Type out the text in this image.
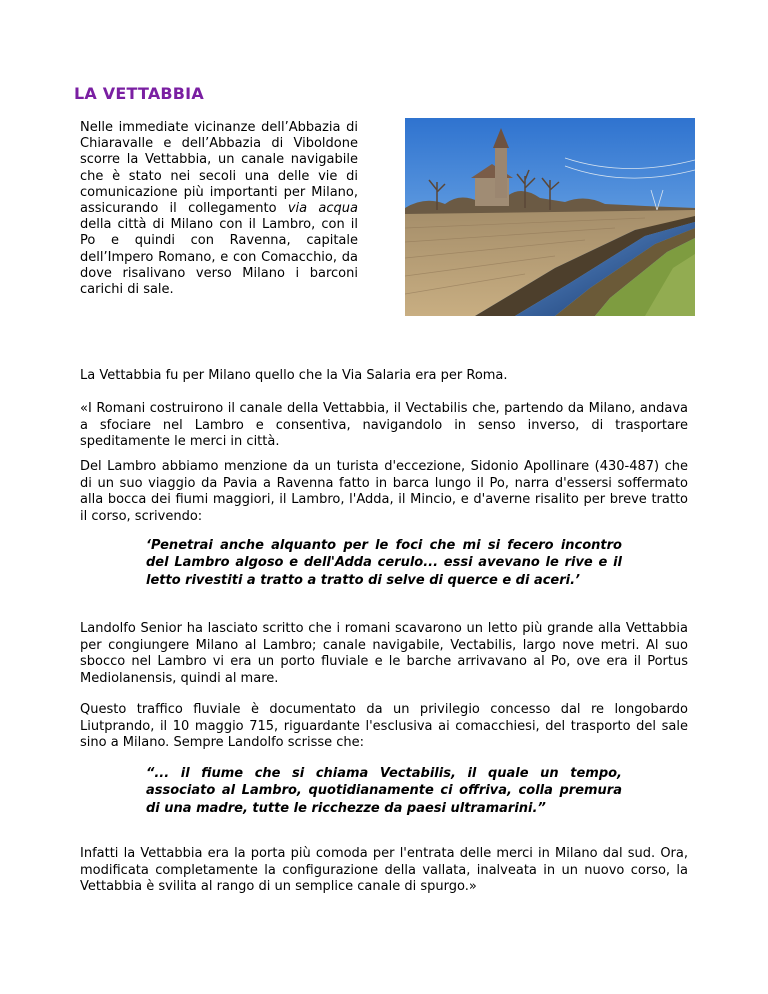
LA VETTABBIA
Nelle immediate vicinanze dell’Abbazia di Chiaravalle e dell’Abbazia di Viboldone scorre la Vettabbia, un canale navigabile che è stato nei secoli una delle vie di comunicazione più importanti per Milano, assicurando il collegamento via acqua della città di Milano con il Lambro, con il Po e quindi con Ravenna, capitale dell’Impero Romano, e con Comacchio, da dove risalivano verso Milano i barconi carichi di sale.
La Vettabbia fu per Milano quello che la Via Salaria era per Roma.
«I Romani costruirono il canale della Vettabbia, il Vectabilis che, partendo da Milano, andava a sfociare nel Lambro e consentiva, navigandolo in senso inverso, di trasportare speditamente le merci in città.
Del Lambro abbiamo menzione da un turista d'eccezione, Sidonio Apollinare (430-487) che di un suo viaggio da Pavia a Ravenna fatto in barca lungo il Po, narra d'essersi soffermato alla bocca dei fiumi maggiori, il Lambro, l'Adda, il Mincio, e d'averne risalito per breve tratto il corso, scrivendo:
‘Penetrai anche alquanto per le foci che mi si fecero incontro del Lambro algoso e dell'Adda cerulo... essi avevano le rive e il letto rivestiti a tratto a tratto di selve di querce e di aceri.’
Landolfo Senior ha lasciato scritto che i romani scavarono un letto più grande alla Vettabbia per congiungere Milano al Lambro; canale navigabile, Vectabilis, largo nove metri. Al suo sbocco nel Lambro vi era un porto fluviale e le barche arrivavano al Po, ove era il Portus Mediolanensis, quindi al mare.
Questo traffico fluviale è documentato da un privilegio concesso dal re longobardo Liutprando, il 10 maggio 715, riguardante l'esclusiva ai comacchiesi, del trasporto del sale sino a Milano. Sempre Landolfo scrisse che:
“... il fiume che si chiama Vectabilis, il quale un tempo, associato al Lambro, quotidianamente ci offriva, colla premura di una madre, tutte le ricchezze da paesi ultramarini.”
Infatti la Vettabbia era la porta più comoda per l'entrata delle merci in Milano dal sud. Ora, modificata completamente la configurazione della vallata, inalveata in un nuovo corso, la Vettabbia è svilita al rango di un semplice canale di spurgo.»
